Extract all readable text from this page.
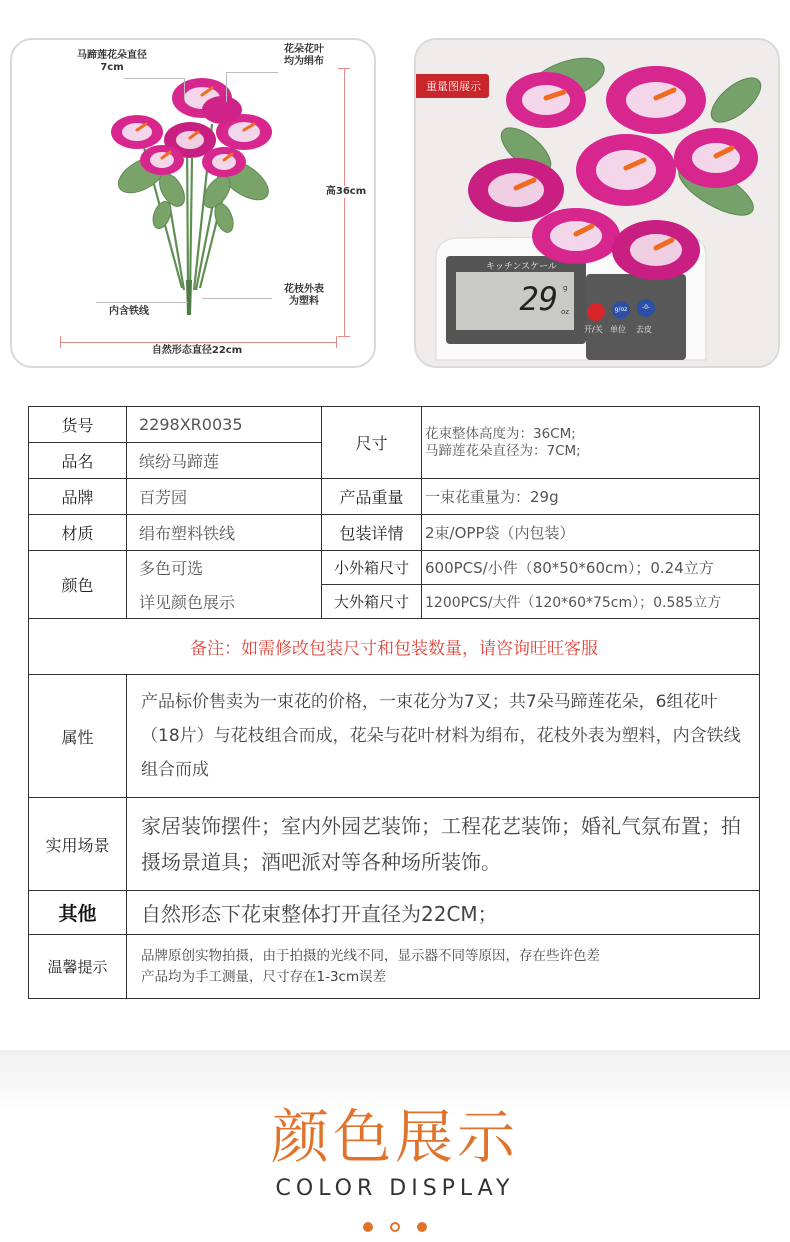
马蹄莲花朵直径
7cm
花朵花叶
均为绢布
高36cm
花枝外表
为塑料
内含铁线
自然形态直径22cm
重量图展示
キッチンスケール
29 g
oz	g/oz	-0-
开/关 单位 去皮
货号	2298XR0035	尺寸	花束整体高度为：36CM;
马蹄莲花朵直径为：7CM;

品名	缤纷马蹄莲		
品牌	百芳园	产品重量	一束花重量为：29g
材质	绢布塑料铁线	包装详情	2束/OPP袋（内包装）
颜色	多色可选	小外箱尺寸	600PCS/小件（80*50*60cm）；0.24立方
	详见颜色展示	大外箱尺寸	1200PCS/大件（120*60*75cm）；0.585立方
备注：如需修改包装尺寸和包装数量，请咨询旺旺客服			
属性	产品标价售卖为一束花的价格，一束花分为7叉；共7朵马蹄莲花朵，6组花叶（18片）与花枝组合而成，花朵与花叶材料为绢布，花枝外表为塑料，内含铁线组合而成		
实用场景	家居装饰摆件；室内外园艺装饰；工程花艺装饰；婚礼气氛布置；拍摄场景道具；酒吧派对等各种场所装饰。		
其他	自然形态下花束整体打开直径为22CM；		
温馨提示	品牌原创实物拍摄，由于拍摄的光线不同，显示器不同等原因，存在些许色差
产品均为手工测量，尺寸存在1-3cm误差		
颜色展示
COLOR DISPLAY
